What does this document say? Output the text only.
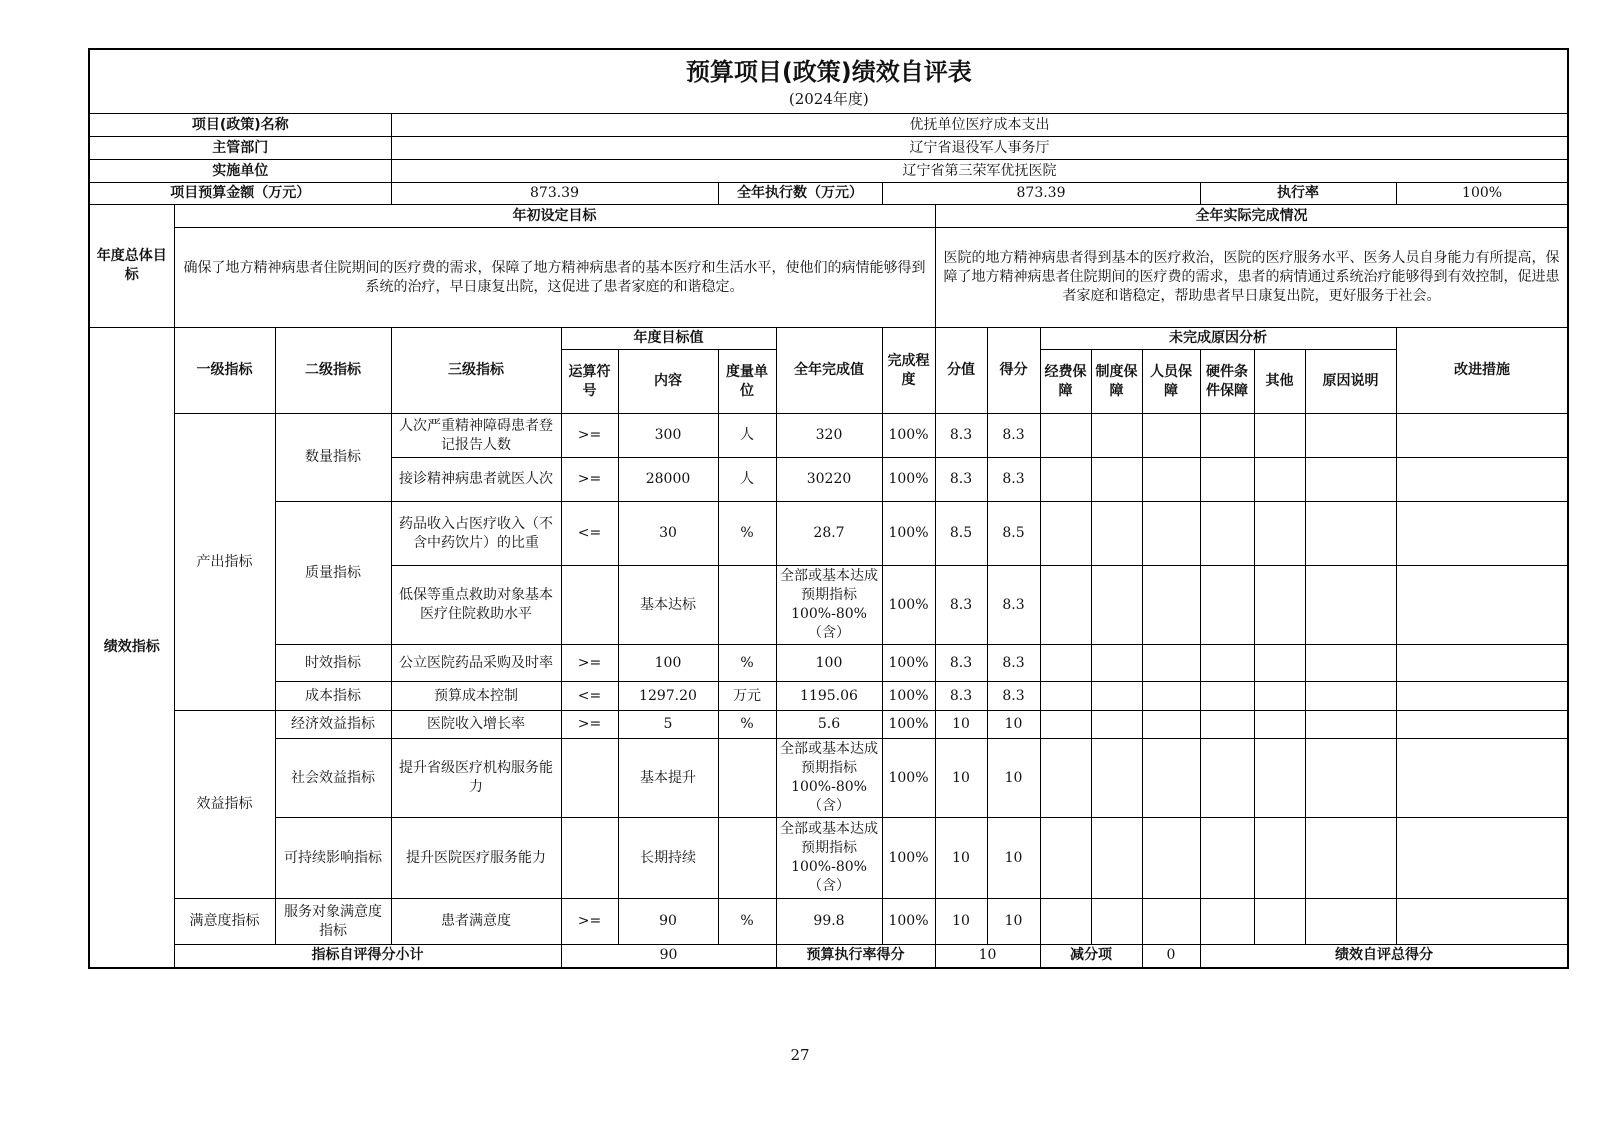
预算项目(政策)绩效自评表
(2024年度)																		

项目(政策)名称			优抚单位医疗成本支出															
主管部门			辽宁省退役军人事务厅															
实施单位			辽宁省第三荣军优抚医院															
项目预算金额（万元）			873.39			全年执行数（万元）		873.39						执行率			100%	
年度总体目标	年初设定目标								全年实际完成情况									
	确保了地方精神病患者住院期间的医疗费的需求，保障了地方精神病患者的基本医疗和生活水平，使他们的病情能够得到系统的治疗，早日康复出院，这促进了患者家庭的和谐稳定。								医院的地方精神病患者得到基本的医疗救治，医院的医疗服务水平、医务人员自身能力有所提高，保障了地方精神病患者住院期间的医疗费的需求，患者的病情通过系统治疗能够得到有效控制，促进患者家庭和谐稳定，帮助患者早日康复出院，更好服务于社会。									
绩效指标	一级指标	二级指标	三级指标	年度目标值			全年完成值	完成程度	分值	得分	未完成原因分析						改进措施	
				运算符号	内容	度量单位					经费保障	制度保障	人员保障	硬件条件保障	其他	原因说明		
	产出指标	数量指标	人次严重精神障碍患者登记报告人数	>=	300	人	320	100%	8.3	8.3								
			接诊精神病患者就医人次	>=	28000	人	30220	100%	8.3	8.3								
		质量指标	药品收入占医疗收入（不含中药饮片）的比重	<=	30	%	28.7	100%	8.5	8.5								
			低保等重点救助对象基本医疗住院救助水平		基本达标		全部或基本达成预期指标100%-80%（含）	100%	8.3	8.3								
		时效指标	公立医院药品采购及时率	>=	100	%	100	100%	8.3	8.3								
		成本指标	预算成本控制	<=	1297.20	万元	1195.06	100%	8.3	8.3								
	效益指标	经济效益指标	医院收入增长率	>=	5	%	5.6	100%	10	10								
		社会效益指标	提升省级医疗机构服务能力		基本提升		全部或基本达成预期指标100%-80%（含）	100%	10	10								
		可持续影响指标	提升医院医疗服务能力		长期持续		全部或基本达成预期指标100%-80%（含）	100%	10	10								
	满意度指标	服务对象满意度指标	患者满意度	>=	90	%	99.8	100%	10	10								
	指标自评得分小计			90			预算执行率得分		10		减分项		0	绩效自评总得分	
27
